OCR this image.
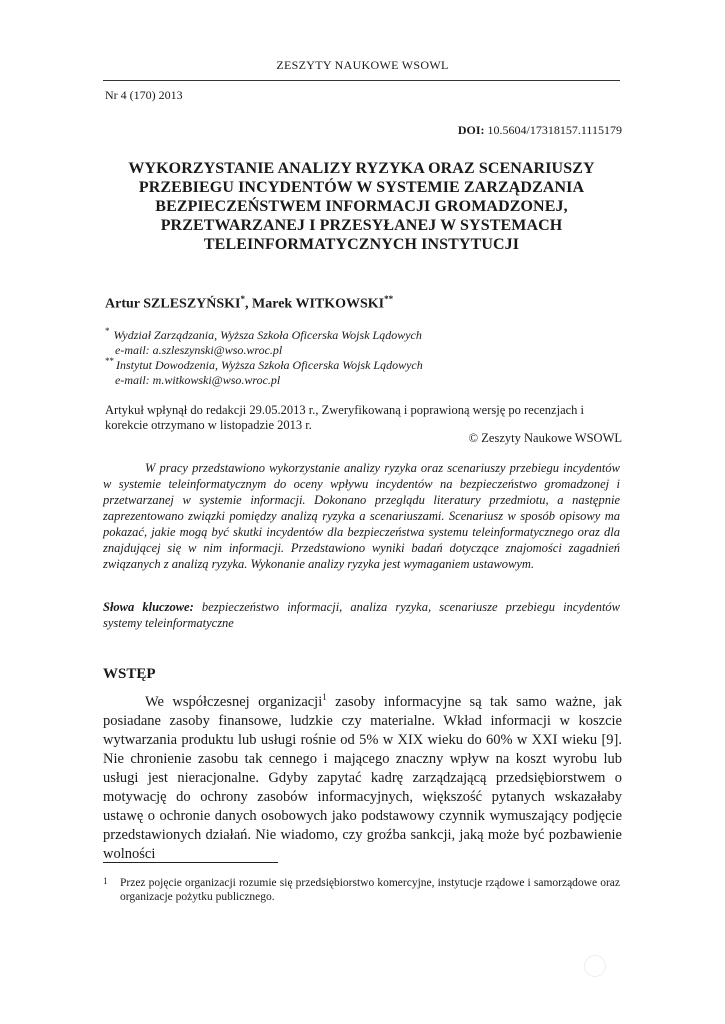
ZESZYTY NAUKOWE WSOWL
Nr 4 (170) 2013
DOI: 10.5604/17318157.1115179
WYKORZYSTANIE ANALIZY RYZYKA ORAZ SCENARIUSZY
PRZEBIEGU INCYDENTÓW W SYSTEMIE ZARZĄDZANIA
BEZPIECZEŃSTWEM INFORMACJI GROMADZONEJ,
PRZETWARZANEJ I PRZESYŁANEJ W SYSTEMACH
TELEINFORMATYCZNYCH INSTYTUCJI
Artur SZLESZYŃSKI*, Marek WITKOWSKI**
* Wydział Zarządzania, Wyższa Szkoła Oficerska Wojsk Lądowych
e-mail: a.szleszynski@wso.wroc.pl
** Instytut Dowodzenia, Wyższa Szkoła Oficerska Wojsk Lądowych
e-mail: m.witkowski@wso.wroc.pl
Artykuł wpłynął do redakcji 29.05.2013 r., Zweryfikowaną i poprawioną wersję po recenzjach i korekcie otrzymano w listopadzie 2013 r.
© Zeszyty Naukowe WSOWL

W pracy przedstawiono wykorzystanie analizy ryzyka oraz scenariuszy przebiegu incydentów w systemie teleinformatycznym do oceny wpływu incydentów na bezpieczeństwo gromadzonej i przetwarzanej w systemie informacji. Dokonano przeglądu literatury przedmiotu, a następnie zaprezentowano związki pomiędzy analizą ryzyka a scenariuszami. Scenariusz w sposób opisowy ma pokazać, jakie mogą być skutki incydentów dla bezpieczeństwa systemu teleinformatycznego oraz dla znajdującej się w nim informacji. Przedstawiono wyniki badań dotyczące znajomości zagadnień związanych z analizą ryzyka. Wykonanie analizy ryzyka jest wymaganiem ustawowym.

Słowa kluczowe: bezpieczeństwo informacji, analiza ryzyka, scenariusze przebiegu incydentów systemy teleinformatyczne
WSTĘP

We współczesnej organizacji$^1$ zasoby informacyjne są tak samo ważne, jak posiadane zasoby finansowe, ludzkie czy materialne. Wkład informacji w koszcie wytwarzania produktu lub usługi rośnie od 5% w XIX wieku do 60% w XXI wieku [9]. Nie chronienie zasobu tak cennego i mającego znaczny wpływ na koszt wyrobu lub usługi jest nieracjonalne. Gdyby zapytać kadrę zarządzającą przedsiębiorstwem o motywację do ochrony zasobów informacyjnych, większość pytanych wskazałaby ustawę o ochronie danych osobowych jako podstawowy czynnik wymuszający podjęcie przedstawionych działań. Nie wiadomo, czy groźba sankcji, jaką może być pozbawienie wolności

1	Przez pojęcie organizacji rozumie się przedsiębiorstwo komercyjne, instytucje rządowe i samorządowe oraz organizacje pożytku publicznego.
